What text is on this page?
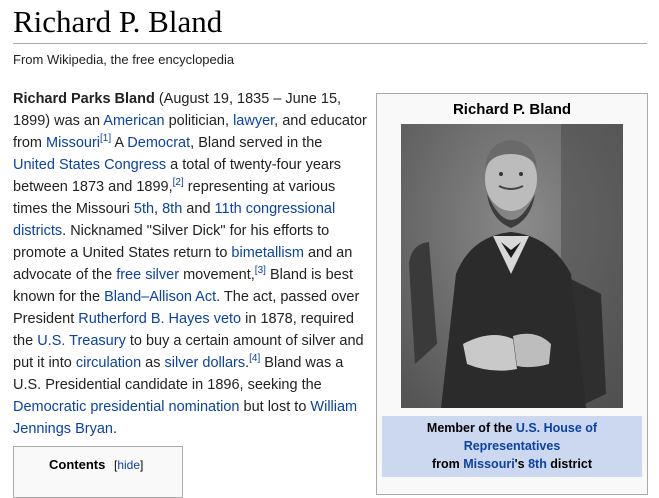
Richard P. Bland
From Wikipedia, the free encyclopedia

Richard Parks Bland (August 19, 1835 – June 15, 1899) was an American politician, lawyer, and educator from Missouri[1] A Democrat, Bland served in the United States Congress a total of twenty-four years between 1873 and 1899,[2] representing at various times the Missouri 5th, 8th and 11th congressional districts. Nicknamed "Silver Dick" for his efforts to promote a United States return to bimetallism and an advocate of the free silver movement,[3] Bland is best known for the Bland–Allison Act. The act, passed over President Rutherford B. Hayes veto in 1878, required the U.S. Treasury to buy a certain amount of silver and put it into circulation as silver dollars.[4] Bland was a U.S. Presidential candidate in 1896, seeking the Democratic presidential nomination but lost to William Jennings Bryan.

Contents [hide]
Richard P. Bland
Member of the U.S. House of Representatives
from Missouri's 8th district
